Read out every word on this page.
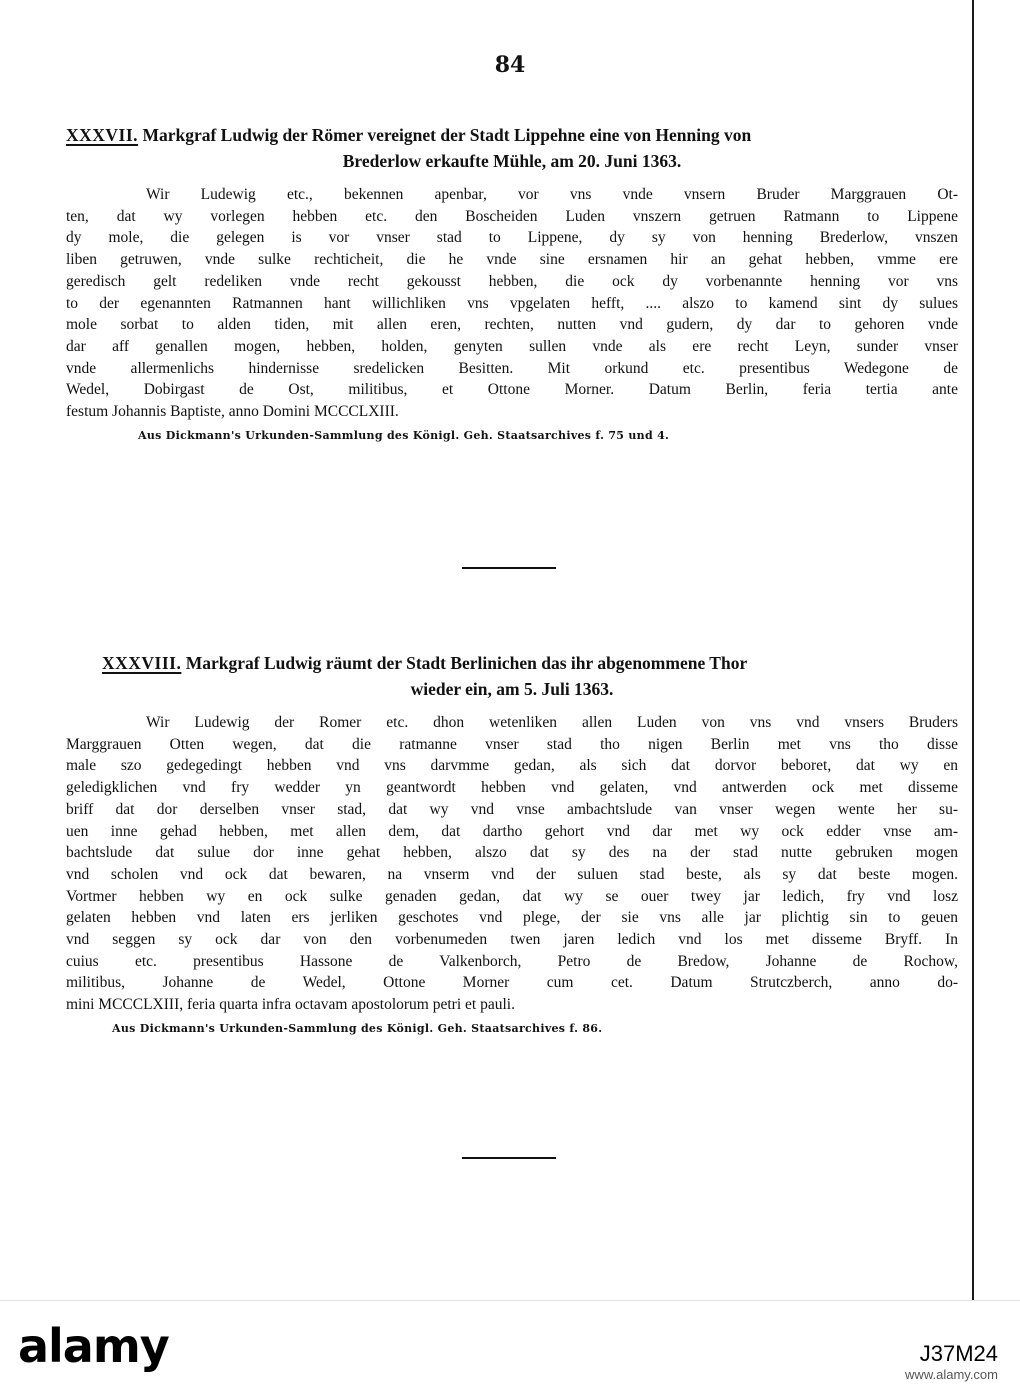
84
XXXVII. Markgraf Ludwig der Römer vereignet der Stadt Lippehne eine von Henning von
Brederlow erkaufte Mühle, am 20. Juni 1363.
Wir Ludewig etc., bekennen apenbar, vor vns vnde vnsern Bruder Marggrauen Ot-
ten, dat wy vorlegen hebben etc. den Boscheiden Luden vnszern getruen Ratmann to Lippene
dy mole, die gelegen is vor vnser stad to Lippene, dy sy von henning Brederlow, vnszen
liben getruwen, vnde sulke rechticheit, die he vnde sine ersnamen hir an gehat hebben, vmme ere
geredisch gelt redeliken vnde recht gekousst hebben, die ock dy vorbenannte henning vor vns
to der egenannten Ratmannen hant willichliken vns vpgelaten hefft, .... alszo to kamend sint dy sulues
mole sorbat to alden tiden, mit allen eren, rechten, nutten vnd gudern, dy dar to gehoren vnde
dar aff genallen mogen, hebben, holden, genyten sullen vnde als ere recht Leyn, sunder vnser
vnde allermenlichs hindernisse sredelicken Besitten. Mit orkund etc. presentibus Wedegone de
Wedel, Dobirgast de Ost, militibus, et Ottone Morner. Datum Berlin, feria tertia ante
festum Johannis Baptiste, anno Domini MCCCLXIII.
Aus Dickmann's Urkunden-Sammlung des Königl. Geh. Staatsarchives f. 75 und 4.
XXXVIII. Markgraf Ludwig räumt der Stadt Berlinichen das ihr abgenommene Thor
wieder ein, am 5. Juli 1363.
Wir Ludewig der Romer etc. dhon wetenliken allen Luden von vns vnd vnsers Bruders
Marggrauen Otten wegen, dat die ratmanne vnser stad tho nigen Berlin met vns tho disse
male szo gedegedingt hebben vnd vns darvmme gedan, als sich dat dorvor beboret, dat wy en
geledigklichen vnd fry wedder yn geantwordt hebben vnd gelaten, vnd antwerden ock met disseme
briff dat dor derselben vnser stad, dat wy vnd vnse ambachtslude van vnser wegen wente her su-
uen inne gehad hebben, met allen dem, dat dartho gehort vnd dar met wy ock edder vnse am-
bachtslude dat sulue dor inne gehat hebben, alszo dat sy des na der stad nutte gebruken mogen
vnd scholen vnd ock dat bewaren, na vnserm vnd der suluen stad beste, als sy dat beste mogen.
Vortmer hebben wy en ock sulke genaden gedan, dat wy se ouer twey jar ledich, fry vnd losz
gelaten hebben vnd laten ers jerliken geschotes vnd plege, der sie vns alle jar plichtig sin to geuen
vnd seggen sy ock dar von den vorbenumeden twen jaren ledich vnd los met disseme Bryff. In
cuius etc. presentibus Hassone de Valkenborch, Petro de Bredow, Johanne de Rochow,
militibus, Johanne de Wedel, Ottone Morner cum cet. Datum Strutczberch, anno do-
mini MCCCLXIII, feria quarta infra octavam apostolorum petri et pauli.
Aus Dickmann's Urkunden-Sammlung des Königl. Geh. Staatsarchives f. 86.
alamy	J37M24
www.alamy.com
